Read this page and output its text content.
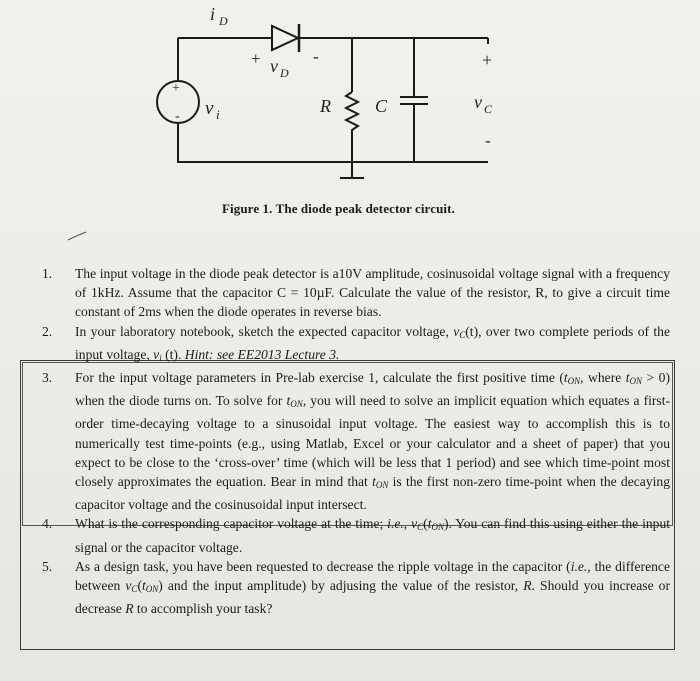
i D
+ v D
-	+
v C
-
+
- v i	R C
Figure 1. The diode peak detector circuit.
1.	The input voltage in the diode peak detector is a10V amplitude, cosinusoidal voltage signal with a frequency of 1kHz. Assume that the capacitor C = 10µF. Calculate the value of the resistor, R, to give a circuit time constant of 2ms when the diode operates in reverse bias.
2.	In your laboratory notebook, sketch the expected capacitor voltage, $v_C(t)$, over two complete periods of the input voltage, $v_i$ (t). Hint: see EE2013 Lecture 3.
3.	For the input voltage parameters in Pre-lab exercise 1, calculate the first positive time ($t_{ON}$, where $t_{ON} > 0$) when the diode turns on. To solve for $t_{ON}$, you will need to solve an implicit equation which equates a first-order time-decaying voltage to a sinusoidal input voltage. The easiest way to accomplish this is to numerically test time-points (e.g., using Matlab, Excel or your calculator and a sheet of paper) that you expect to be close to the ‘cross-over’ time (which will be less that 1 period) and see which time-point most closely approximates the equation. Bear in mind that $t_{ON}$ is the first non-zero time-point when the decaying capacitor voltage and the cosinusoidal input intersect.
4.	What is the corresponding capacitor voltage at the time; i.e., $v_C(t_{ON})$. You can find this using either the input signal or the capacitor voltage.
5.	As a design task, you have been requested to decrease the ripple voltage in the capacitor (i.e., the difference between $v_C(t_{ON})$ and the input amplitude) by adjusing the value of the resistor, R. Should you increase or decrease R to accomplish your task?
